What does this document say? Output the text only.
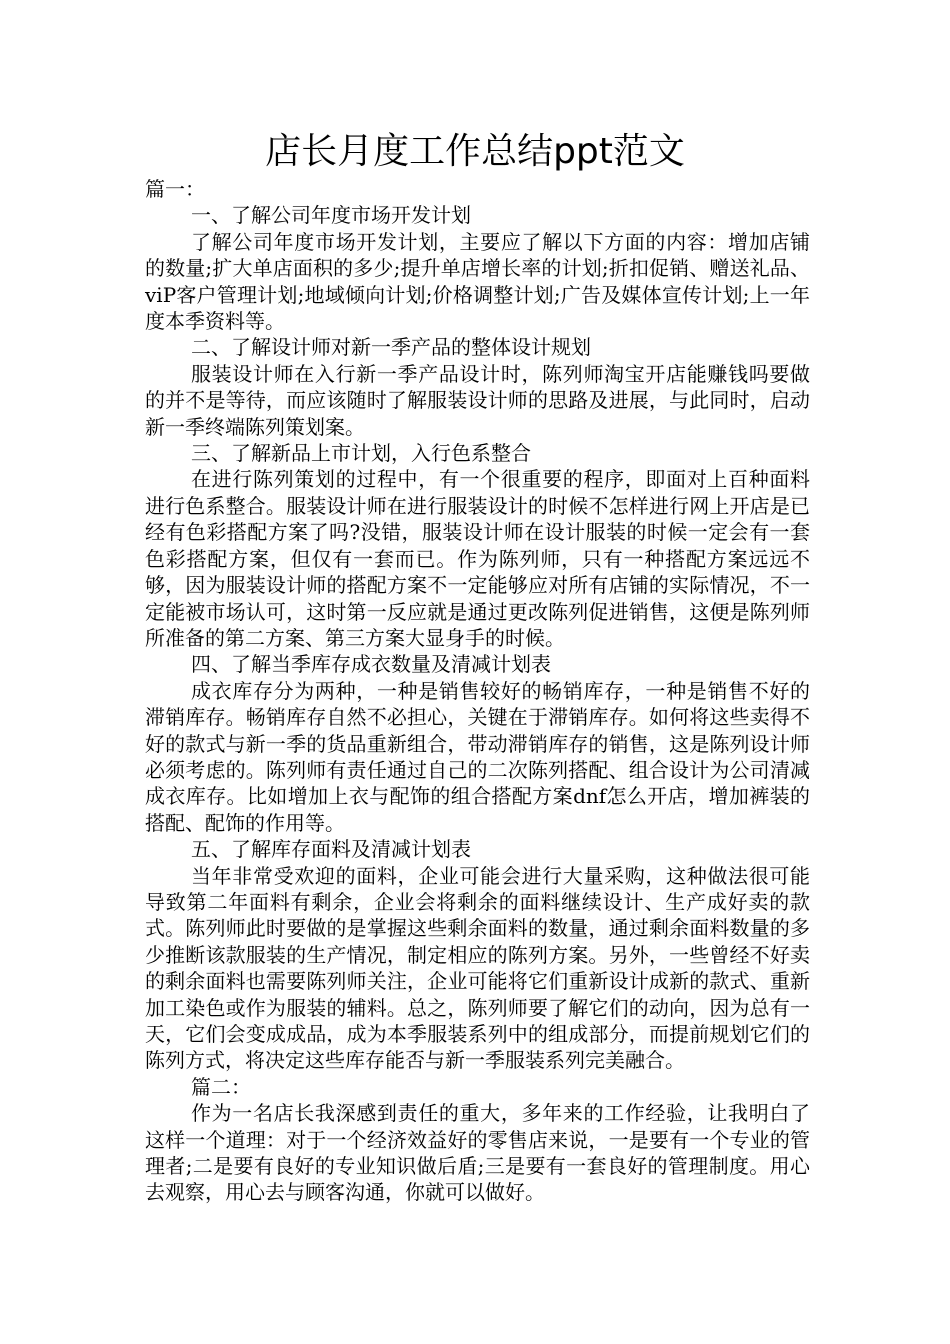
店长月度工作总结ppt范文

篇一：

一、了解公司年度市场开发计划

了解公司年度市场开发计划，主要应了解以下方面的内容：增加店铺的数量;扩大单店面积的多少;提升单店增长率的计划;折扣促销、赠送礼品、viP客户管理计划;地域倾向计划;价格调整计划;广告及媒体宣传计划;上一年度本季资料等。

二、了解设计师对新一季产品的整体设计规划

服装设计师在入行新一季产品设计时，陈列师淘宝开店能赚钱吗要做的并不是等待，而应该随时了解服装设计师的思路及进展，与此同时，启动新一季终端陈列策划案。

三、了解新品上市计划，入行色系整合

在进行陈列策划的过程中，有一个很重要的程序，即面对上百种面料进行色系整合。服装设计师在进行服装设计的时候不怎样进行网上开店是已经有色彩搭配方案了吗?没错，服装设计师在设计服装的时候一定会有一套色彩搭配方案，但仅有一套而已。作为陈列师，只有一种搭配方案远远不够，因为服装设计师的搭配方案不一定能够应对所有店铺的实际情况，不一定能被市场认可，这时第一反应就是通过更改陈列促进销售，这便是陈列师所准备的第二方案、第三方案大显身手的时候。

四、了解当季库存成衣数量及清减计划表

成衣库存分为两种，一种是销售较好的畅销库存，一种是销售不好的滞销库存。畅销库存自然不必担心，关键在于滞销库存。如何将这些卖得不好的款式与新一季的货品重新组合，带动滞销库存的销售，这是陈列设计师必须考虑的。陈列师有责任通过自己的二次陈列搭配、组合设计为公司清减成衣库存。比如增加上衣与配饰的组合搭配方案dnf怎么开店，增加裤装的搭配、配饰的作用等。

五、了解库存面料及清减计划表

当年非常受欢迎的面料，企业可能会进行大量采购，这种做法很可能导致第二年面料有剩余，企业会将剩余的面料继续设计、生产成好卖的款式。陈列师此时要做的是掌握这些剩余面料的数量，通过剩余面料数量的多少推断该款服装的生产情况，制定相应的陈列方案。另外，一些曾经不好卖的剩余面料也需要陈列师关注，企业可能将它们重新设计成新的款式、重新加工染色或作为服装的辅料。总之，陈列师要了解它们的动向，因为总有一天，它们会变成成品，成为本季服装系列中的组成部分，而提前规划它们的陈列方式，将决定这些库存能否与新一季服装系列完美融合。

篇二：

作为一名店长我深感到责任的重大，多年来的工作经验，让我明白了这样一个道理：对于一个经济效益好的零售店来说，一是要有一个专业的管理者;二是要有良好的专业知识做后盾;三是要有一套良好的管理制度。用心去观察，用心去与顾客沟通，你就可以做好。
